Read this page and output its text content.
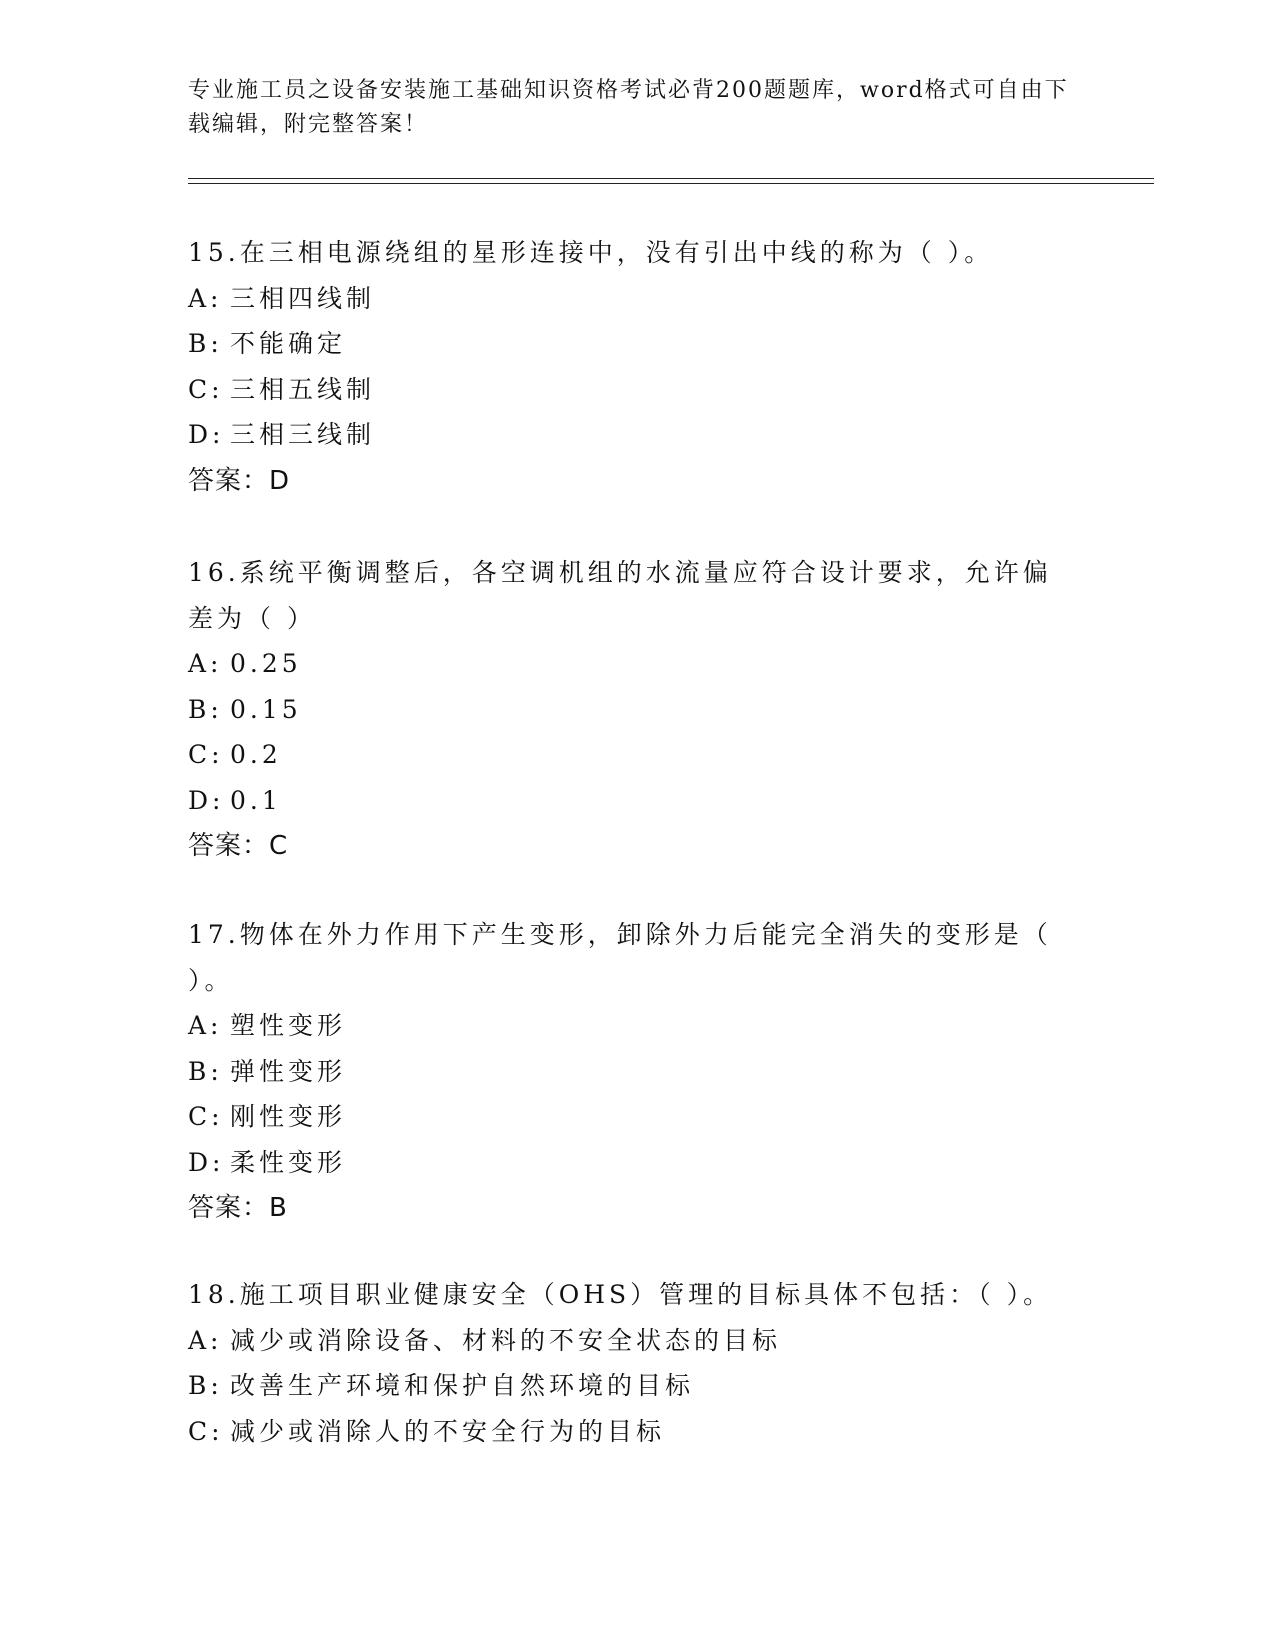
专业施工员之设备安装施工基础知识资格考试必背200题题库，word格式可自由下载编辑，附完整答案！
15.在三相电源绕组的星形连接中，没有引出中线的称为（ ）。
A: 三相四线制
B: 不能确定
C: 三相五线制
D: 三相三线制
答案：D
16.系统平衡调整后，各空调机组的水流量应符合设计要求，允许偏差为（ ）
A: 0.25
B: 0.15
C: 0.2
D: 0.1
答案：C
17.物体在外力作用下产生变形，卸除外力后能完全消失的变形是（ ）。
A: 塑性变形
B: 弹性变形
C: 刚性变形
D: 柔性变形
答案：B
18.施工项目职业健康安全（OHS）管理的目标具体不包括：（ ）。
A: 减少或消除设备、材料的不安全状态的目标
B: 改善生产环境和保护自然环境的目标
C: 减少或消除人的不安全行为的目标
